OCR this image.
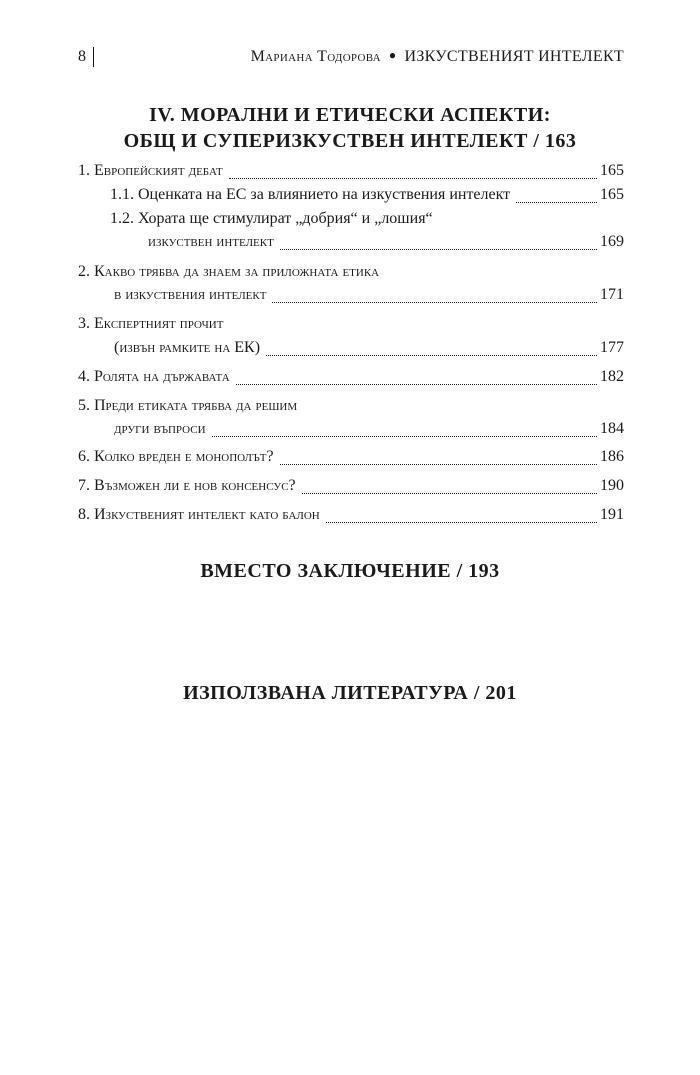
8	Мариана Тодорова ● ИЗКУСТВЕНИЯТ ИНТЕЛЕКТ
IV. МОРАЛНИ И ЕТИЧЕСКИ АСПЕКТИ:
ОБЩ И СУПЕРИЗКУСТВЕН ИНТЕЛЕКТ / 163
1. Европейският дебат	165
1.1. Оценката на ЕС за влиянието на изкуствения интелект	165
1.2. Хората ще стимулират „добрия“ и „лошия“
изкуствен интелект	169
2. Какво трябва да знаем за приложната етика
в изкуствения интелект	171
3. Експертният прочит
(извън рамките на ЕК)	177
4. Ролята на държавата	182
5. Преди етиката трябва да решим
други въпроси	184
6. Колко вреден е монополът?	186
7. Възможен ли е нов консенсус?	190
8. Изкуственият интелект като балон	191
ВМЕСТО ЗАКЛЮЧЕНИЕ / 193
ИЗПОЛЗВАНА ЛИТЕРАТУРА / 201
